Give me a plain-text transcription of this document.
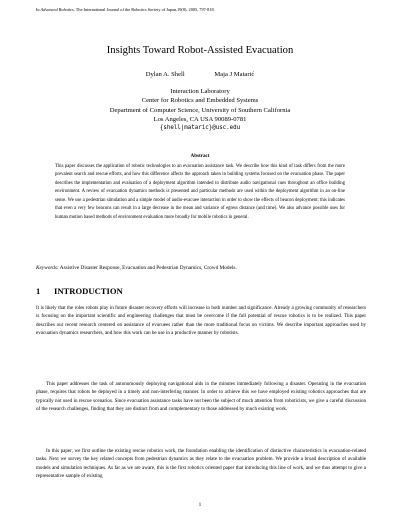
In Advanced Robotics, The International Journal of the Robotics Society of Japan,19(8), 2005, 797-818.
Insights Toward Robot-Assisted Evacuation
Dylan A. Shell	Maja J Matarić
Interaction Laboratory
Center for Robotics and Embedded Systems
Department of Computer Science, University of Southern California
Los Angeles, CA USA 90089-0781
{shell|mataric}@usc.edu
Abstract
This paper discusses the application of robotic technologies to an evacuation assistance task. We describe how this kind of task differs from the more prevalent search and rescue efforts, and how this difference affects the approach taken in building systems focused on the evacuation phase. The paper describes the implementation and evaluation of a deployment algorithm intended to distribute audio navigational cues throughout an office building environment. A review of evacuation dynamics methods is presented and particular methods are used within the deployment algorithm in an on-line sense. We use a pedestrian simulation and a simple model of audio-evacuee interaction in order to show the effects of beacon deployment; this indicates that even a very few beacons can result in a large decrease in the mean and variance of egress distance (and time). We also advance possible uses for human motion based methods of environment evaluation more broadly for mobile robotics in general.
Keywords: Assistive Disaster Response, Evacuation and Pedestrian Dynamics, Crowd Models.
1 INTRODUCTION
It is likely that the roles robots play in future disaster recovery efforts will increase in both number and significance. Already a growing community of researchers is focusing on the important scientific and engineering challenges that must be overcome if the full potential of rescue robotics is to be realized. This paper describes our recent research centered on assistance of evacuees rather than the more traditional focus on victims. We describe important approaches used by evacuation dynamics researchers, and how this work can be use in a productive manner by robotists.
This paper addresses the task of autonomously deploying navigational aids in the minutes immediately following a disaster. Operating in the evacuation phase, requires that robots be deployed in a timely and non-interfering manner. In order to achieve this we have employed existing robotics approaches that are typically not used in rescue scenarios. Since evacuation assistance tasks have not been the subject of much attention from roboticists, we give a careful discussion of the research challenges, finding that they are distinct from and complementary to those addressed by much existing work.
In this paper, we first outline the existing rescue robotics work, the foundation enabling the identification of distinctive characteristics in evacuation-related tasks. Next we survey the key related concepts from pedestrian dynamics as they relate to the evacuation problem. We provide a broad description of available models and simulation techniques. As far as we are aware, this is the first robotics oriented paper that introducing this line of work, and we thus attempt to give a representative sample of existing
1
